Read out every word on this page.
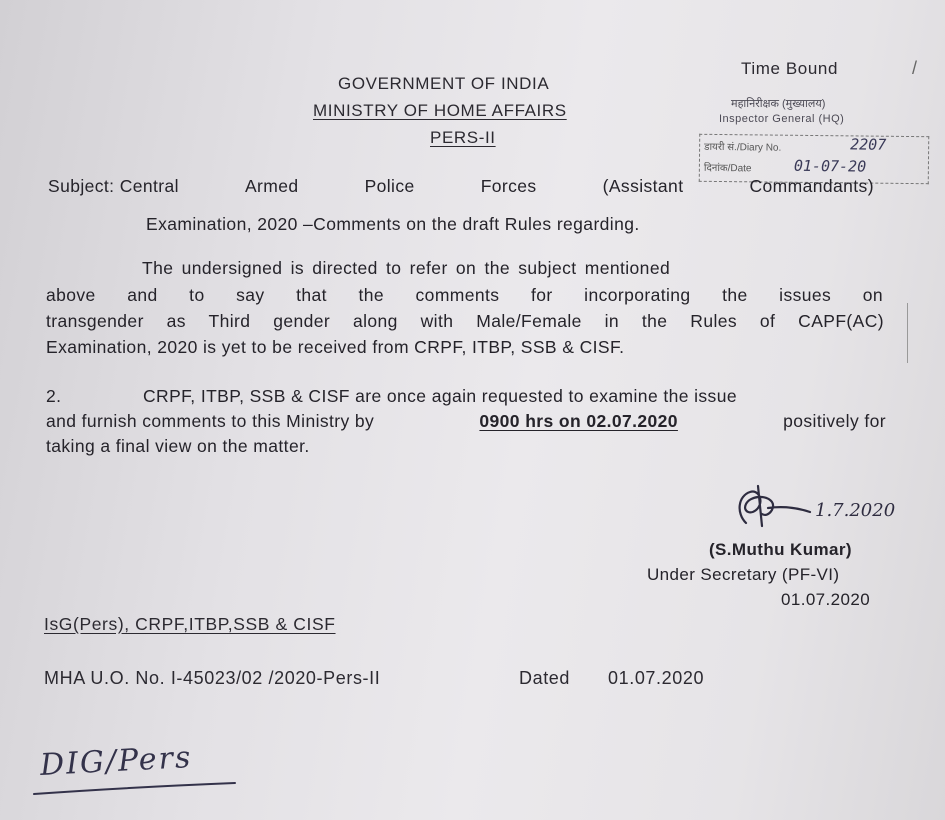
Time Bound	/
GOVERNMENT OF INDIA
MINISTRY OF HOME AFFAIRS
PERS-II
महानिरीक्षक (मुख्यालय)
Inspector General (HQ)
डायरी सं./Diary No.	2207
दिनांक/Date	01-07-20
Subject: Central	Armed	Police	Forces	(Assistant	Commandants)
Examination, 2020 –Comments on the draft Rules regarding.
The undersigned is directed to refer on the subject mentioned
above and to say that the comments for incorporating the issues on
transgender as Third gender along with Male/Female in the Rules of CAPF(AC)
Examination, 2020 is yet to be received from CRPF, ITBP, SSB & CISF.
2.	CRPF, ITBP, SSB & CISF are once again requested to examine the issue
and furnish comments to this Ministry by	0900 hrs on 02.07.2020	positively for
taking a final view on the matter.
1.7.2020
(S.Muthu Kumar)
Under Secretary (PF-VI)
01.07.2020
IsG(Pers), CRPF,ITBP,SSB & CISF
MHA U.O. No. I-45023/02 /2020-Pers-II	Dated 01.07.2020
DIG/Pers
